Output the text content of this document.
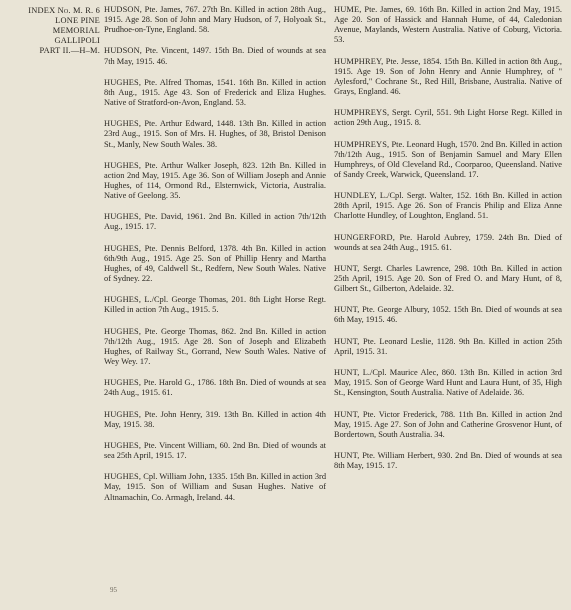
INDEX No. M. R. 6
LONE PINE
MEMORIAL
GALLIPOLI
PART II.—H–M.

HUDSON, Pte. James, 767. 27th Bn. Killed in action 28th Aug., 1915. Age 28. Son of John and Mary Hudson, of 7, Holyoak St., Prudhoe-on-Tyne, England. 58.

HUDSON, Pte. Vincent, 1497. 15th Bn. Died of wounds at sea 7th May, 1915. 46.

HUGHES, Pte. Alfred Thomas, 1541. 16th Bn. Killed in action 8th Aug., 1915. Age 43. Son of Frederick and Eliza Hughes. Native of Stratford-on-Avon, England. 53.

HUGHES, Pte. Arthur Edward, 1448. 13th Bn. Killed in action 23rd Aug., 1915. Son of Mrs. H. Hughes, of 38, Bristol Denison St., Manly, New South Wales. 38.

HUGHES, Pte. Arthur Walker Joseph, 823. 12th Bn. Killed in action 2nd May, 1915. Age 36. Son of William Joseph and Annie Hughes, of 114, Ormond Rd., Elsternwick, Victoria, Australia. Native of Geelong. 35.

HUGHES, Pte. David, 1961. 2nd Bn. Killed in action 7th/12th Aug., 1915. 17.

HUGHES, Pte. Dennis Belford, 1378. 4th Bn. Killed in action 6th/9th Aug., 1915. Age 25. Son of Phillip Henry and Martha Hughes, of 49, Caldwell St., Redfern, New South Wales. Native of Sydney. 22.

HUGHES, L./Cpl. George Thomas, 201. 8th Light Horse Regt. Killed in action 7th Aug., 1915. 5.

HUGHES, Pte. George Thomas, 862. 2nd Bn. Killed in action 7th/12th Aug., 1915. Age 28. Son of Joseph and Elizabeth Hughes, of Railway St., Gorrand, New South Wales. Native of Wey Wey. 17.

HUGHES, Pte. Harold G., 1786. 18th Bn. Died of wounds at sea 24th Aug., 1915. 61.

HUGHES, Pte. John Henry, 319. 13th Bn. Killed in action 4th May, 1915. 38.

HUGHES, Pte. Vincent William, 60. 2nd Bn. Died of wounds at sea 25th April, 1915. 17.

HUGHES, Cpl. William John, 1335. 15th Bn. Killed in action 3rd May, 1915. Son of William and Susan Hughes. Native of Altnamachin, Co. Armagh, Ireland. 44.

HUME, Pte. James, 69. 16th Bn. Killed in action 2nd May, 1915. Age 20. Son of Hassick and Hannah Hume, of 44, Caledonian Avenue, Maylands, Western Australia. Native of Coburg, Victoria. 53.

HUMPHREY, Pte. Jesse, 1854. 15th Bn. Killed in action 8th Aug., 1915. Age 19. Son of John Henry and Annie Humphrey, of " Aylesford," Cochrane St., Red Hill, Brisbane, Australia. Native of Grays, England. 46.

HUMPHREYS, Sergt. Cyril, 551. 9th Light Horse Regt. Killed in action 29th Aug., 1915. 8.

HUMPHREYS, Pte. Leonard Hugh, 1570. 2nd Bn. Killed in action 7th/12th Aug., 1915. Son of Benjamin Samuel and Mary Ellen Humphreys, of Old Cleveland Rd., Coorparoo, Queensland. Native of Sandy Creek, Warwick, Queensland. 17.

HUNDLEY, L./Cpl. Sergt. Walter, 152. 16th Bn. Killed in action 28th April, 1915. Age 26. Son of Francis Philip and Eliza Anne Charlotte Hundley, of Loughton, England. 51.

HUNGERFORD, Pte. Harold Aubrey, 1759. 24th Bn. Died of wounds at sea 24th Aug., 1915. 61.

HUNT, Sergt. Charles Lawrence, 298. 10th Bn. Killed in action 25th April, 1915. Age 20. Son of Fred O. and Mary Hunt, of 8, Gilbert St., Gilberton, Adelaide. 32.

HUNT, Pte. George Albury, 1052. 15th Bn. Died of wounds at sea 6th May, 1915. 46.

HUNT, Pte. Leonard Leslie, 1128. 9th Bn. Killed in action 25th April, 1915. 31.

HUNT, L./Cpl. Maurice Alec, 860. 13th Bn. Killed in action 3rd May, 1915. Son of George Ward Hunt and Laura Hunt, of 35, High St., Kensington, South Australia. Native of Adelaide. 36.

HUNT, Pte. Victor Frederick, 788. 11th Bn. Killed in action 2nd May, 1915. Age 27. Son of John and Catherine Grosvenor Hunt, of Bordertown, South Australia. 34.

HUNT, Pte. William Herbert, 930. 2nd Bn. Died of wounds at sea 8th May, 1915. 17.

95
